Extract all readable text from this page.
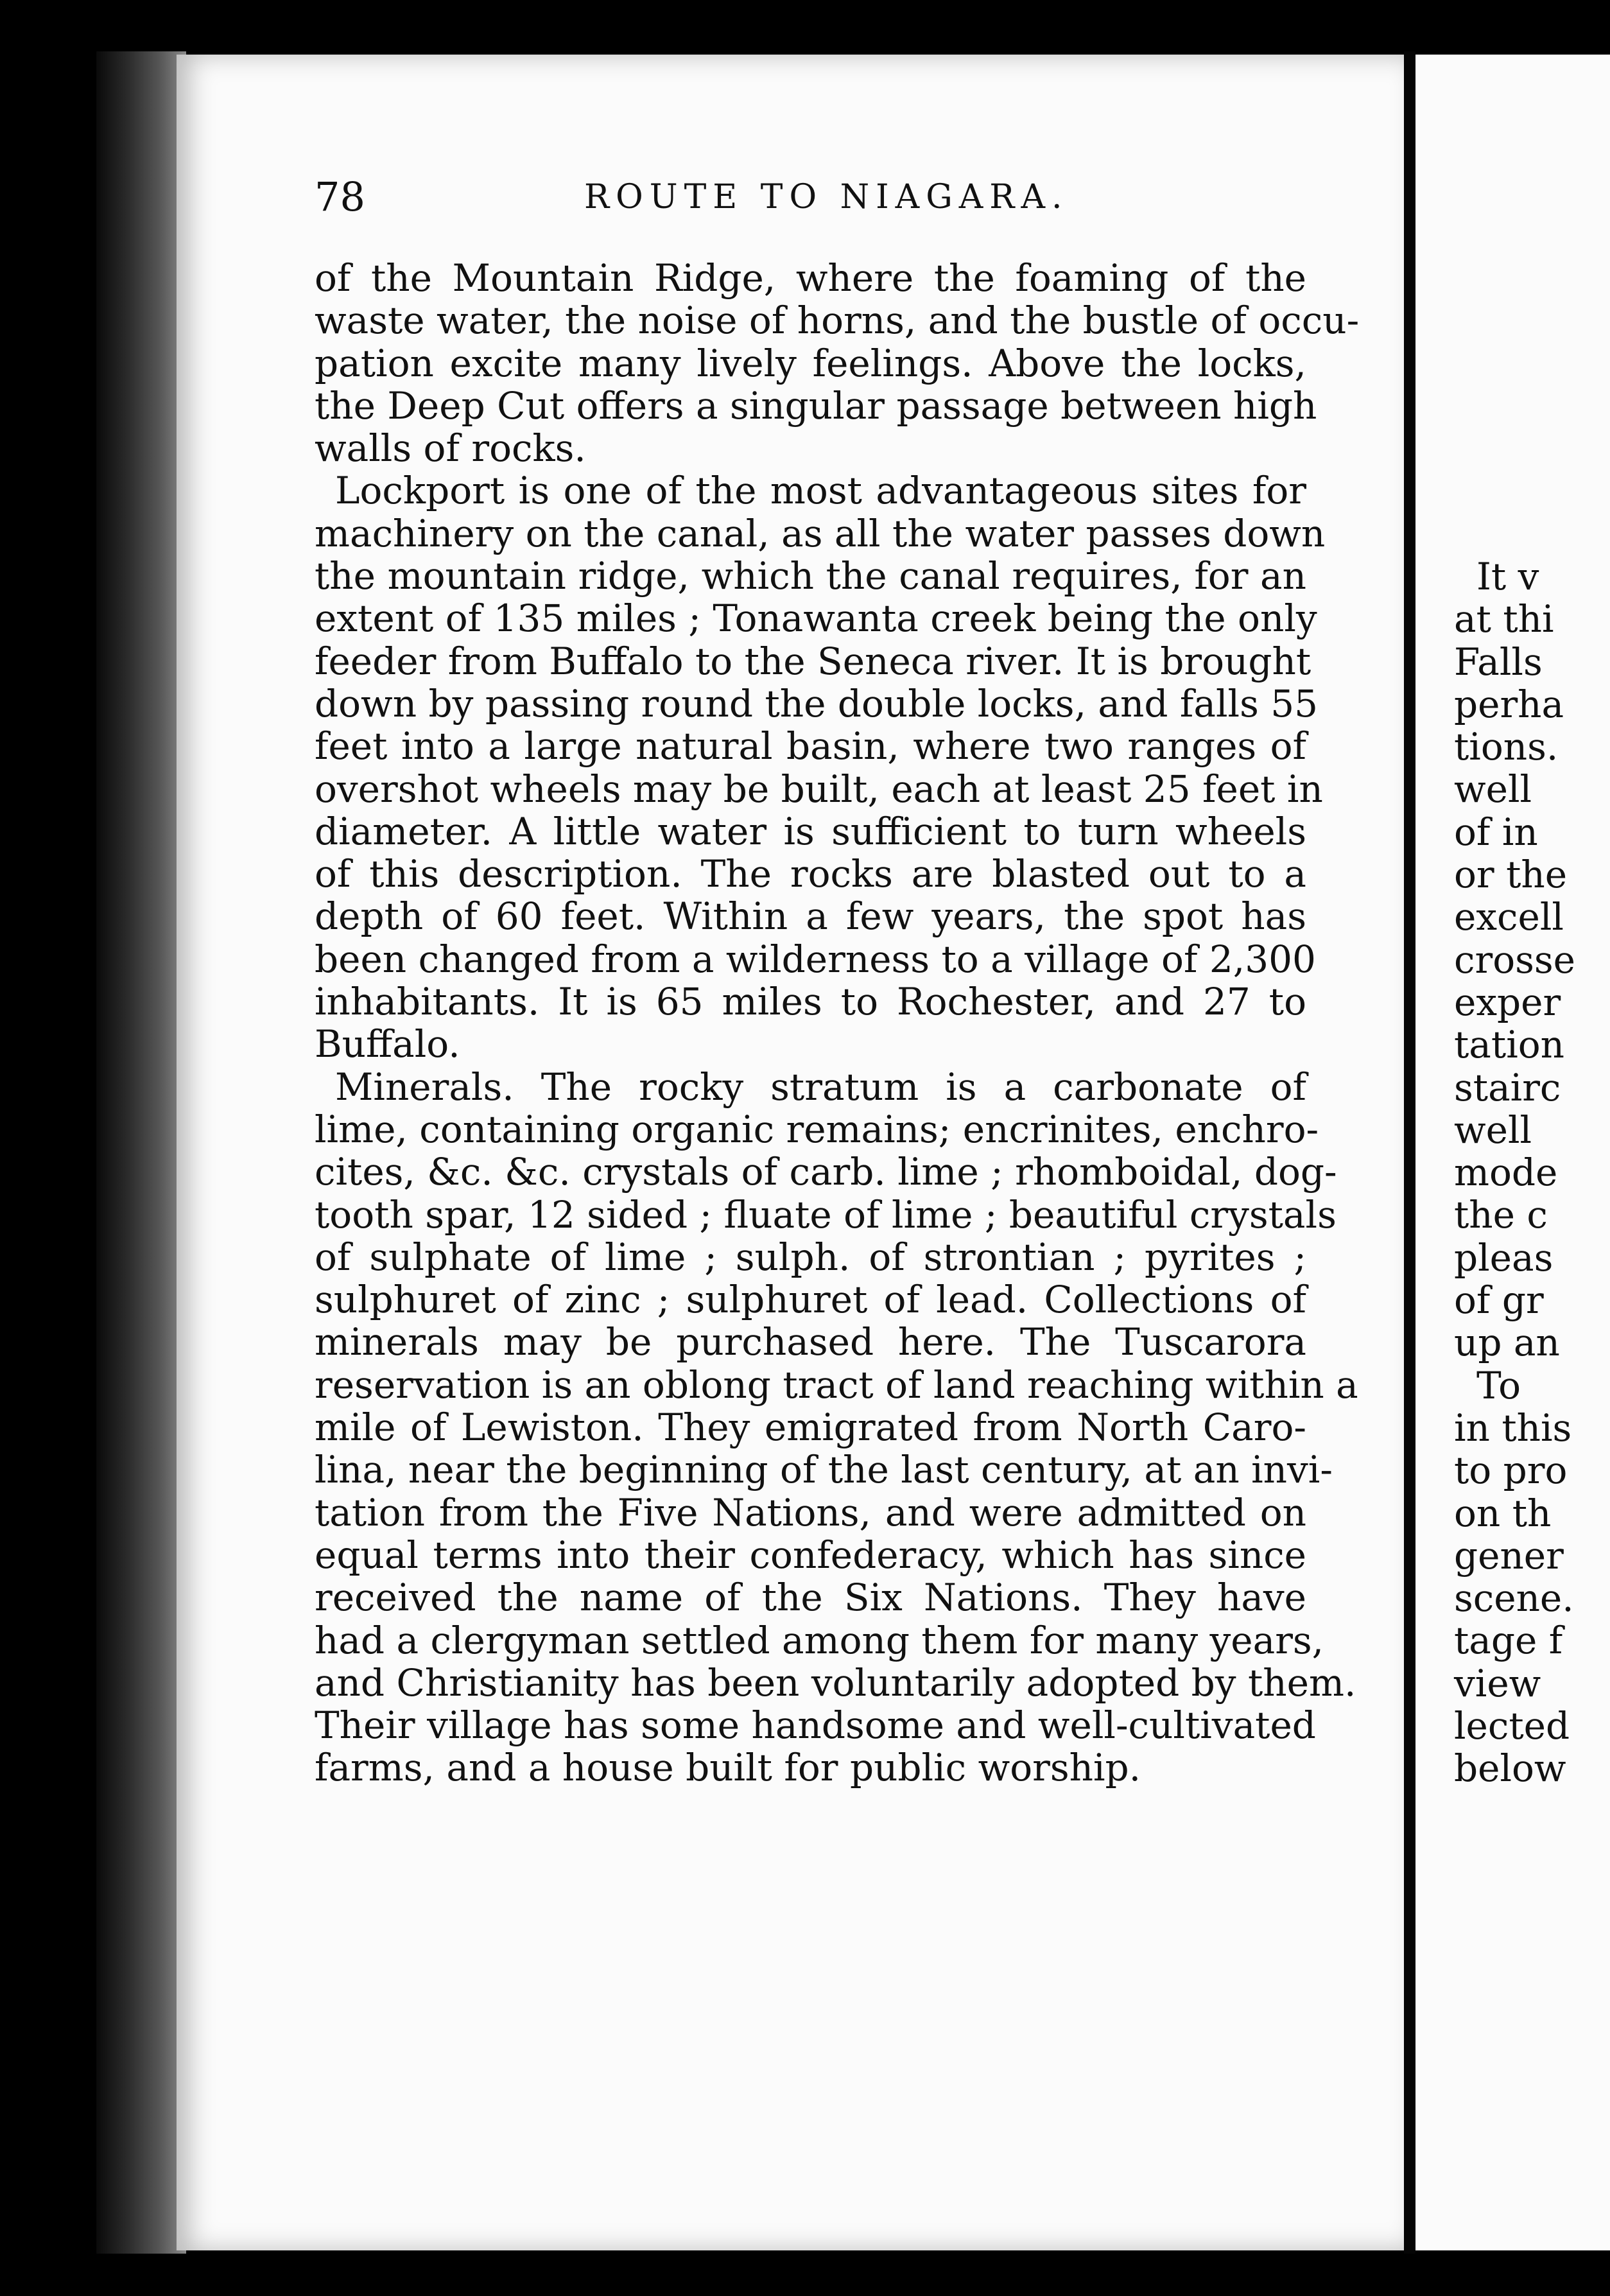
It v
at thi
Falls
perha
tions.
well
of in
or the
excell
crosse
exper
tation
stairc
well
mode
the c
pleas
of gr
up an
To
in this
to pro
on th
gener
scene.
tage f
view
lected
below
78	ROUTE TO NIAGARA.
of the Mountain Ridge, where the foaming of the
waste water, the noise of horns, and the bustle of occu-
pation excite many lively feelings. Above the locks,
the Deep Cut offers a singular passage between high
walls of rocks.
Lockport is one of the most advantageous sites for
machinery on the canal, as all the water passes down
the mountain ridge, which the canal requires, for an
extent of 135 miles ; Tonawanta creek being the only
feeder from Buffalo to the Seneca river. It is brought
down by passing round the double locks, and falls 55
feet into a large natural basin, where two ranges of
overshot wheels may be built, each at least 25 feet in
diameter. A little water is sufficient to turn wheels
of this description. The rocks are blasted out to a
depth of 60 feet. Within a few years, the spot has
been changed from a wilderness to a village of 2,300
inhabitants. It is 65 miles to Rochester, and 27 to
Buffalo.
Minerals. The rocky stratum is a carbonate of
lime, containing organic remains; encrinites, enchro-
cites, &c. &c. crystals of carb. lime ; rhomboidal, dog-
tooth spar, 12 sided ; fluate of lime ; beautiful crystals
of sulphate of lime ; sulph. of strontian ; pyrites ;
sulphuret of zinc ; sulphuret of lead. Collections of
minerals may be purchased here. The Tuscarora
reservation is an oblong tract of land reaching within a
mile of Lewiston. They emigrated from North Caro-
lina, near the beginning of the last century, at an invi-
tation from the Five Nations, and were admitted on
equal terms into their confederacy, which has since
received the name of the Six Nations. They have
had a clergyman settled among them for many years,
and Christianity has been voluntarily adopted by them.
Their village has some handsome and well-cultivated
farms, and a house built for public worship.
